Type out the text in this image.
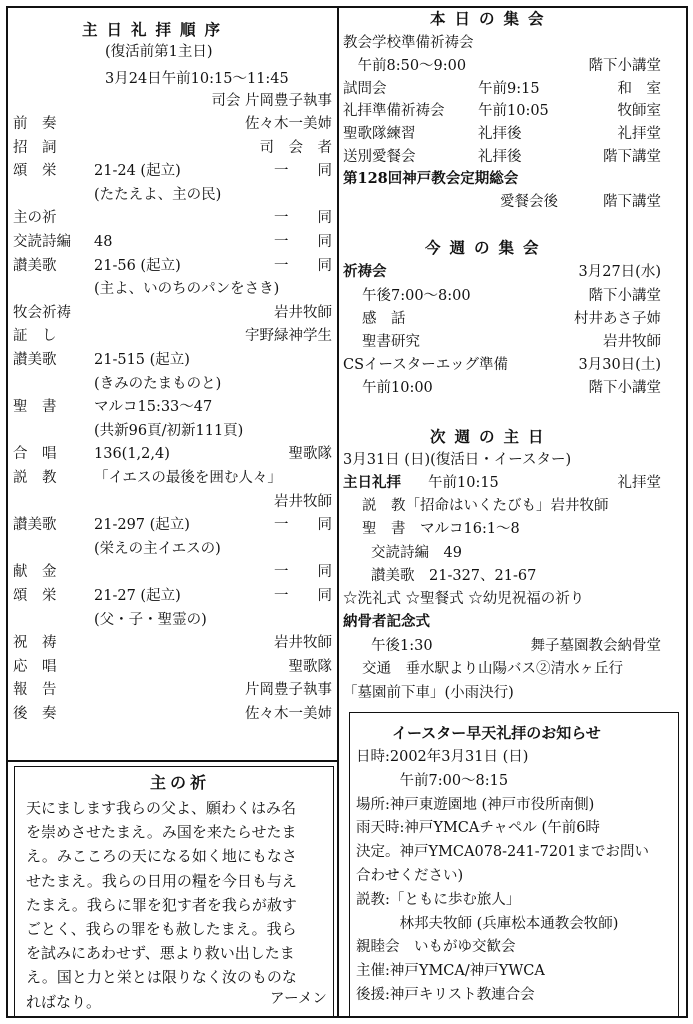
主日礼拝順序
(復活前第1主日)
3月24日午前10:15～11:45
司会 片岡豊子執事
前　奏	佐々木一美姉
招　詞	司　会　者
頌　栄	21-24 (起立)	一　　同
(たたえよ、主の民)
主の祈	一　　同
交読詩編 48	一　　同
讃美歌	21-56 (起立)	一　　同
(主よ、いのちのパンをさき)
牧会祈祷	岩井牧師
証　し	宇野緑神学生
讃美歌	21-515 (起立)
(きみのたまものと)
聖　書	マルコ15:33～47
(共新96頁/初新111頁)
合　唱	136(1,2,4)	聖歌隊
説　教	「イエスの最後を囲む人々」
岩井牧師
讃美歌	21-297 (起立)	一　　同
(栄えの主イエスの)
献　金	一　　同
頌　栄	21-27 (起立)	一　　同
(父・子・聖霊の)
祝　祷	岩井牧師
応　唱	聖歌隊
報　告	片岡豊子執事
後　奏	佐々木一美姉
主の祈
天にまします我らの父よ、願わくはみ名
を崇めさせたまえ。み国を来たらせたま
え。みこころの天になる如く地にもなさ
せたまえ。我らの日用の糧を今日も与え
たまえ。我らに罪を犯す者を我らが赦す
ごとく、我らの罪をも赦したまえ。我ら
を試みにあわせず、悪より救い出したま
え。国と力と栄とは限りなく汝のものな
ればなり。	アーメン
本日の集会
教会学校準備祈祷会
　午前8:50～9:00	階下小講堂
試問会	午前9:15	和　室
礼拝準備祈祷会 午前10:05	牧師室
聖歌隊練習	礼拝後	礼拝堂
送別愛餐会	礼拝後	階下講堂
第128回神戸教会定期総会
愛餐会後	階下講堂
今週の集会
祈祷会	3月27日(水)
午後7:00～8:00	階下小講堂
感　話	村井あさ子姉
聖書研究	岩井牧師
CSイースターエッグ準備	3月30日(土)
午前10:00	階下小講堂
次週の主日
3月31日 (日)(復活日・イースター)
主日礼拝 午前10:15	礼拝堂
説　教「招命はいくたびも」岩井牧師
聖　書　マルコ16:1～8
交読詩編　49
讃美歌　21-327、21-67
☆洗礼式 ☆聖餐式 ☆幼児祝福の祈り
納骨者記念式
午後1:30	舞子墓園教会納骨堂
交通　垂水駅より山陽バス②清水ヶ丘行
「墓園前下車」(小雨決行)
イースター早天礼拝のお知らせ
日時:2002年3月31日 (日)
　　　午前7:00～8:15
場所:神戸東遊園地 (神戸市役所南側)
雨天時:神戸YMCAチャペル (午前6時
決定。神戸YMCA078-241-7201までお問い
合わせください)
説教:「ともに歩む旅人」
　　　林邦夫牧師 (兵庫松本通教会牧師)
親睦会　いもがゆ交歓会
主催:神戸YMCA/神戸YWCA
後援:神戸キリスト教連合会
